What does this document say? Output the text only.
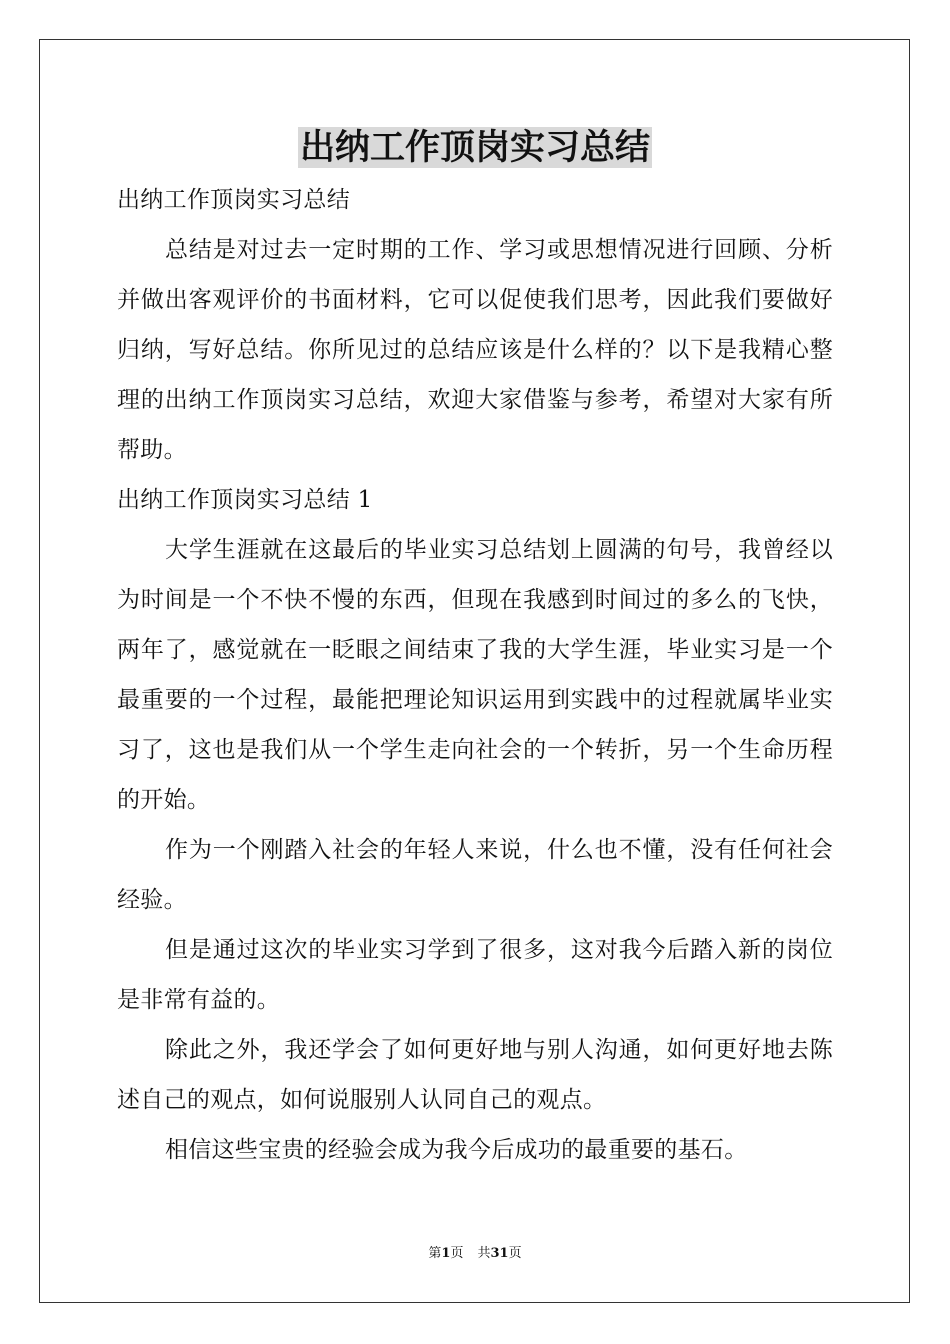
出纳工作顶岗实习总结

出纳工作顶岗实习总结

总结是对过去一定时期的工作、学习或思想情况进行回顾、分析并做出客观评价的书面材料，它可以促使我们思考，因此我们要做好归纳，写好总结。你所见过的总结应该是什么样的？以下是我精心整理的出纳工作顶岗实习总结，欢迎大家借鉴与参考，希望对大家有所帮助。

出纳工作顶岗实习总结 1

大学生涯就在这最后的毕业实习总结划上圆满的句号，我曾经以为时间是一个不快不慢的东西，但现在我感到时间过的多么的飞快，两年了，感觉就在一眨眼之间结束了我的大学生涯，毕业实习是一个最重要的一个过程，最能把理论知识运用到实践中的过程就属毕业实习了，这也是我们从一个学生走向社会的一个转折，另一个生命历程的开始。

作为一个刚踏入社会的年轻人来说，什么也不懂，没有任何社会经验。

但是通过这次的毕业实习学到了很多，这对我今后踏入新的岗位是非常有益的。

除此之外，我还学会了如何更好地与别人沟通，如何更好地去陈述自己的观点，如何说服别人认同自己的观点。

相信这些宝贵的经验会成为我今后成功的最重要的基石。

第1页 共31页
